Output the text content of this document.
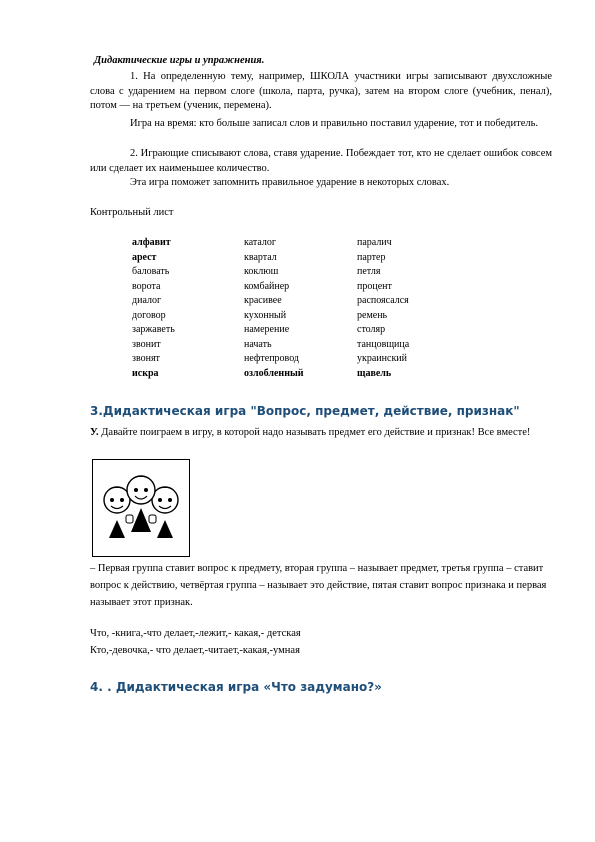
Дидактические игры и упражнения.
1. На определенную тему, например, ШКОЛА участники игры записывают двухсложные слова с ударением на первом слоге (школа, парта, ручка), затем на втором слоге (учебник, пенал), потом — на третьем (ученик, перемена).
Игра на время: кто больше записал слов и правильно поставил ударение, тот и победитель.
2. Играющие списывают слова, ставя ударение. Побеждает тот, кто не сделает ошибок совсем или сделает их наименьшее количество.
Эта игра поможет запомнить правильное ударение в некоторых словах.
Контрольный лист
алфавит
арест
баловать
ворота
диалог
договор
заржаветь
звонит
звонят
искра
каталог
квартал
коклюш
комбайнер
красивее
кухонный
намерение
начать
нефтепровод
озлобленный
паралич
партер
петля
процент
распоясался
ремень
столяр
танцовщица
украинский
щавель
3.Дидактическая игра "Вопрос, предмет, действие, признак"
У. Давайте поиграем в игру, в которой надо называть предмет его действие и признак! Все вместе!
– Первая группа ставит вопрос к предмету, вторая группа – называет предмет, третья группа – ставит вопрос к действию, четвёртая группа – называет это действие, пятая ставит вопрос признака и первая называет этот признак.
Что, -книга,-что делает,-лежит,- какая,- детская
Кто,-девочка,- что делает,-читает,-какая,-умная
4. . Дидактическая игра «Что задумано?»
